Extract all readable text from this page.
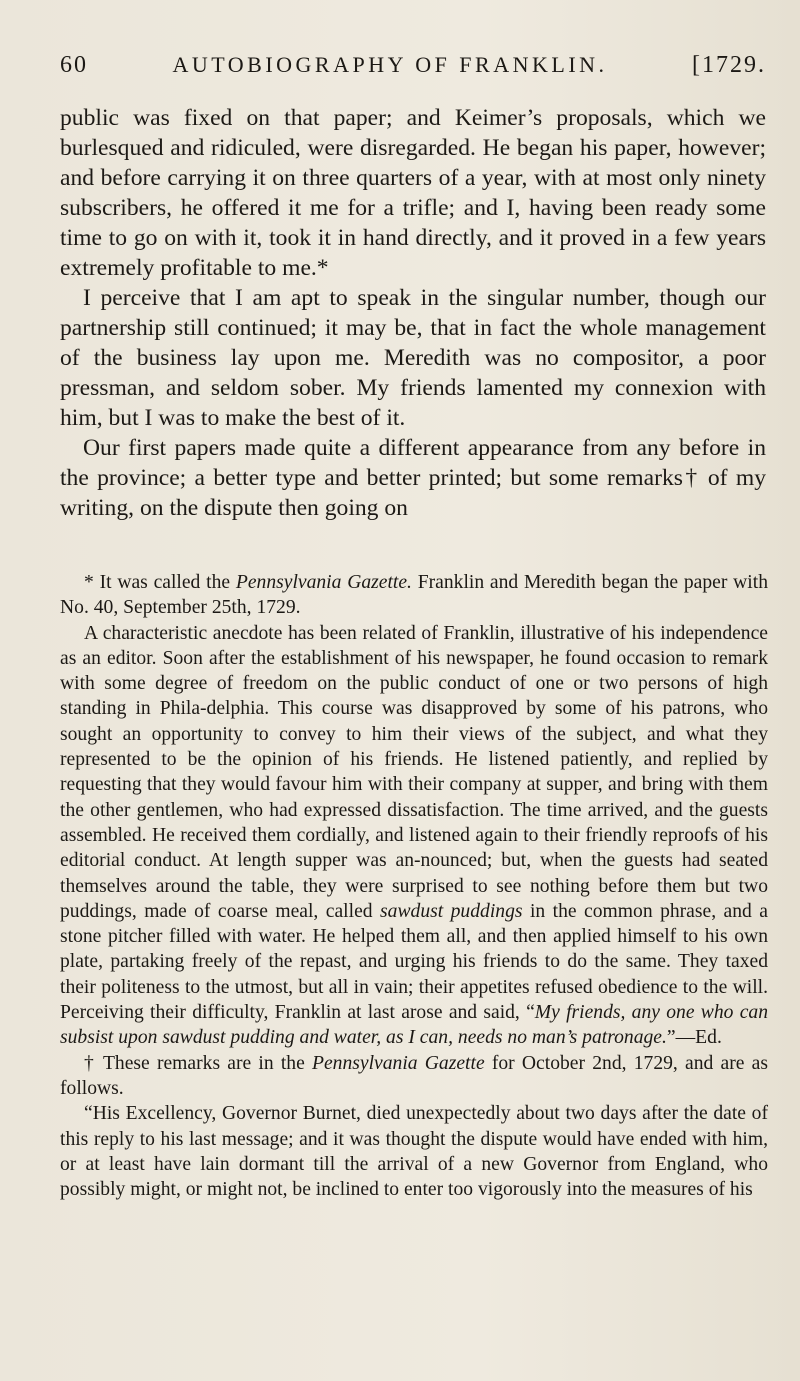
60	AUTOBIOGRAPHY OF FRANKLIN.	[1729.

public was fixed on that paper; and Keimer’s proposals, which we burlesqued and ridiculed, were disregarded. He began his paper, however; and before carrying it on three quarters of a year, with at most only ninety subscribers, he offered it me for a trifle; and I, having been ready some time to go on with it, took it in hand directly, and it proved in a few years extremely profitable to me.*

I perceive that I am apt to speak in the singular number, though our partnership still continued; it may be, that in fact the whole management of the business lay upon me. Meredith was no compositor, a poor pressman, and seldom sober. My friends lamented my connexion with him, but I was to make the best of it.

Our first papers made quite a different appearance from any before in the province; a better type and better printed; but some remarks† of my writing, on the dispute then going on

* It was called the Pennsylvania Gazette. Franklin and Meredith began the paper with No. 40, September 25th, 1729.

A characteristic anecdote has been related of Franklin, illustrative of his independence as an editor. Soon after the establishment of his newspaper, he found occasion to remark with some degree of freedom on the public conduct of one or two persons of high standing in Phila-delphia. This course was disapproved by some of his patrons, who sought an opportunity to convey to him their views of the subject, and what they represented to be the opinion of his friends. He listened patiently, and replied by requesting that they would favour him with their company at supper, and bring with them the other gentlemen, who had expressed dissatisfaction. The time arrived, and the guests assembled. He received them cordially, and listened again to their friendly reproofs of his editorial conduct. At length supper was an-nounced; but, when the guests had seated themselves around the table, they were surprised to see nothing before them but two puddings, made of coarse meal, called sawdust puddings in the common phrase, and a stone pitcher filled with water. He helped them all, and then applied himself to his own plate, partaking freely of the repast, and urging his friends to do the same. They taxed their politeness to the utmost, but all in vain; their appetites refused obedience to the will. Perceiving their difficulty, Franklin at last arose and said, “My friends, any one who can subsist upon sawdust pudding and water, as I can, needs no man’s patronage.”—Ed.

† These remarks are in the Pennsylvania Gazette for October 2nd, 1729, and are as follows.

“His Excellency, Governor Burnet, died unexpectedly about two days after the date of this reply to his last message; and it was thought the dispute would have ended with him, or at least have lain dormant till the arrival of a new Governor from England, who possibly might, or might not, be inclined to enter too vigorously into the measures of his
